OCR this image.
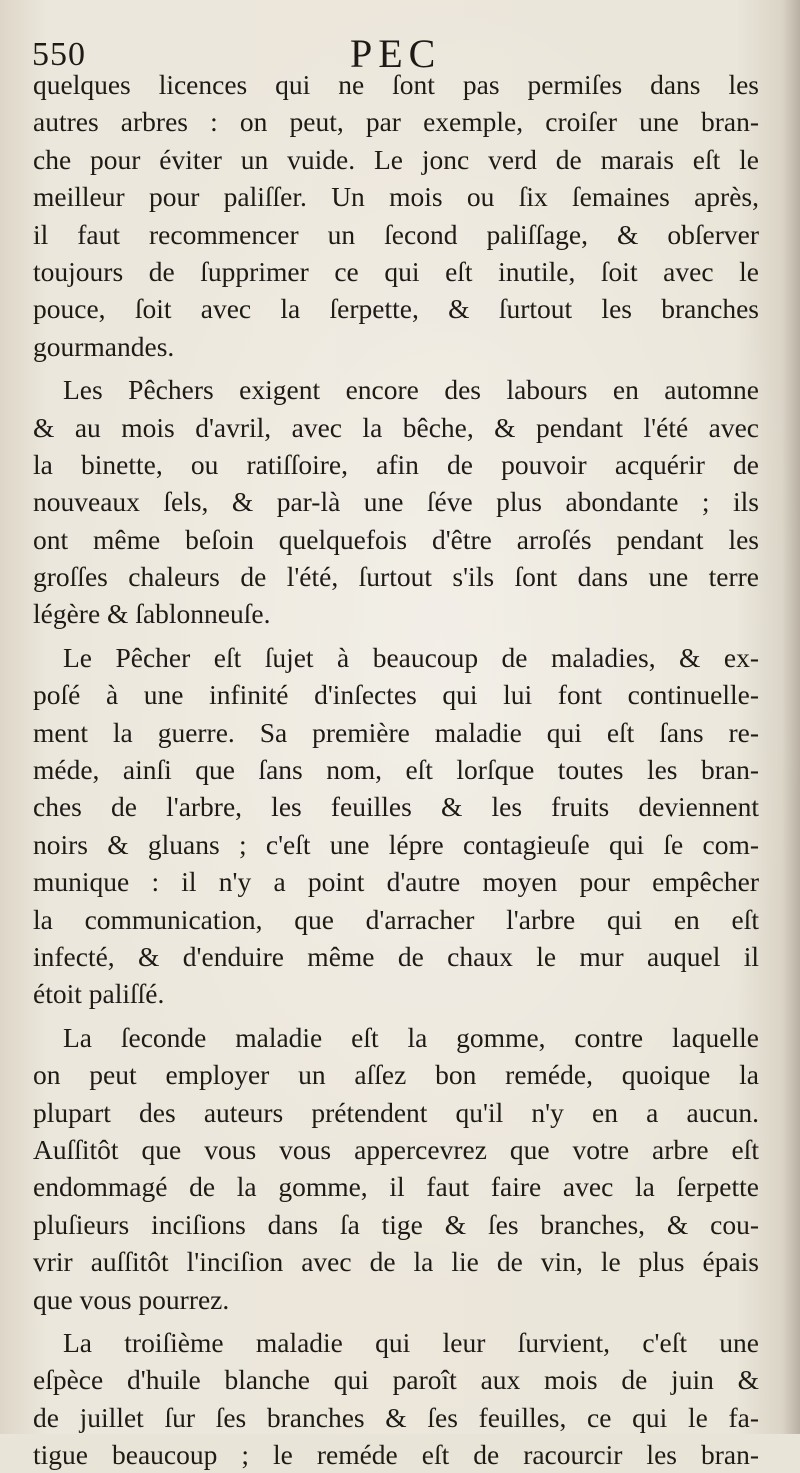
550	PEC
quelques licences qui ne ſont pas permiſes dans les
autres arbres : on peut, par exemple, croiſer une bran-
che pour éviter un vuide. Le jonc verd de marais eſt le
meilleur pour paliſſer. Un mois ou ſix ſemaines après,
il faut recommencer un ſecond paliſſage, & obſerver
toujours de ſupprimer ce qui eſt inutile, ſoit avec le
pouce, ſoit avec la ſerpette, & ſurtout les branches
gourmandes.
Les Pêchers exigent encore des labours en automne
& au mois d'avril, avec la bêche, & pendant l'été avec
la binette, ou ratiſſoire, afin de pouvoir acquérir de
nouveaux ſels, & par-là une ſéve plus abondante ; ils
ont même beſoin quelquefois d'être arroſés pendant les
groſſes chaleurs de l'été, ſurtout s'ils ſont dans une terre
légère & ſablonneuſe.
Le Pêcher eſt ſujet à beaucoup de maladies, & ex-
poſé à une infinité d'inſectes qui lui font continuelle-
ment la guerre. Sa première maladie qui eſt ſans re-
méde, ainſi que ſans nom, eſt lorſque toutes les bran-
ches de l'arbre, les feuilles & les fruits deviennent
noirs & gluans ; c'eſt une lépre contagieuſe qui ſe com-
munique : il n'y a point d'autre moyen pour empêcher
la communication, que d'arracher l'arbre qui en eſt
infecté, & d'enduire même de chaux le mur auquel il
étoit paliſſé.
La ſeconde maladie eſt la gomme, contre laquelle
on peut employer un aſſez bon reméde, quoique la
plupart des auteurs prétendent qu'il n'y en a aucun.
Auſſitôt que vous vous appercevrez que votre arbre eſt
endommagé de la gomme, il faut faire avec la ſerpette
pluſieurs inciſions dans ſa tige & ſes branches, & cou-
vrir auſſitôt l'inciſion avec de la lie de vin, le plus épais
que vous pourrez.
La troiſième maladie qui leur ſurvient, c'eſt une
eſpèce d'huile blanche qui paroît aux mois de juin &
de juillet ſur ſes branches & ſes feuilles, ce qui le fa-
tigue beaucoup ; le reméde eſt de racourcir les bran-
